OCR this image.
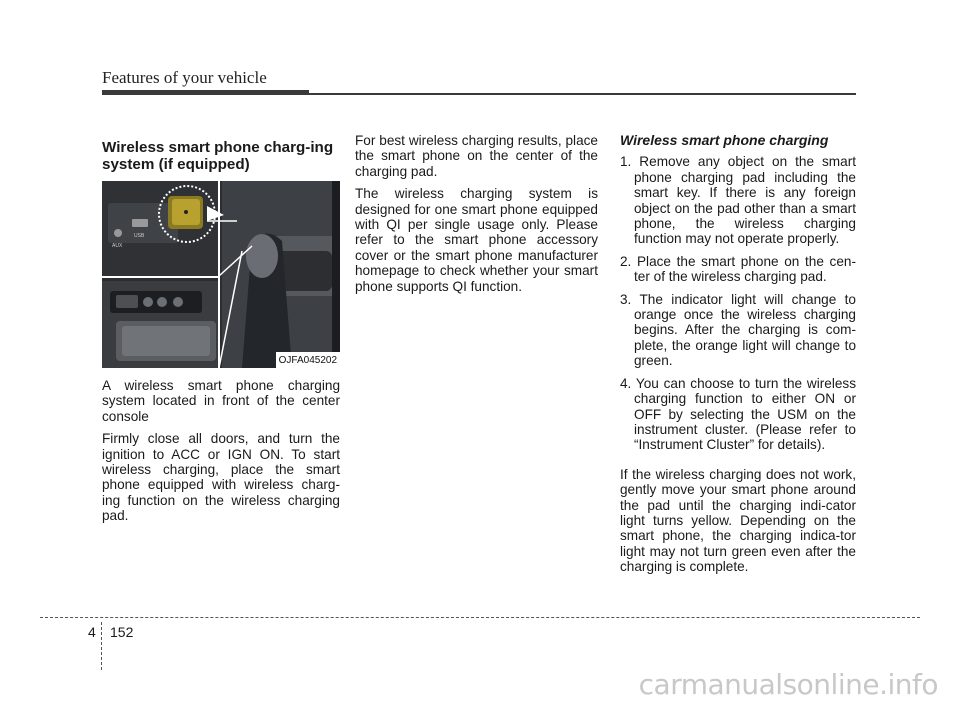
Features of your vehicle
Wireless smart phone charg-ing system (if equipped)
AUX
USB
OJFA045202

A wireless smart phone charging system located in front of the center console

Firmly close all doors, and turn the ignition to ACC or IGN ON. To start wireless charging, place the smart phone equipped with wireless charg-ing function on the wireless charging pad.

For best wireless charging results, place the smart phone on the center of the charging pad.

The wireless charging system is designed for one smart phone equipped with QI per single usage only. Please refer to the smart phone accessory cover or the smart phone manufacturer homepage to check whether your smart phone supports QI function.

Wireless smart phone charging
1. Remove any object on the smart phone charging pad including the smart key. If there is any foreign object on the pad other than a smart phone, the wireless charging function may not operate properly.
2. Place the smart phone on the cen-ter of the wireless charging pad.
3. The indicator light will change to orange once the wireless charging begins. After the charging is com-plete, the orange light will change to green.
4. You can choose to turn the wireless charging function to either ON or OFF by selecting the USM on the instrument cluster. (Please refer to “Instrument Cluster” for details).

If the wireless charging does not work, gently move your smart phone around the pad until the charging indi-cator light turns yellow. Depending on the smart phone, the charging indica-tor light may not turn green even after the charging is complete.

4 152
carmanualsonline.info
